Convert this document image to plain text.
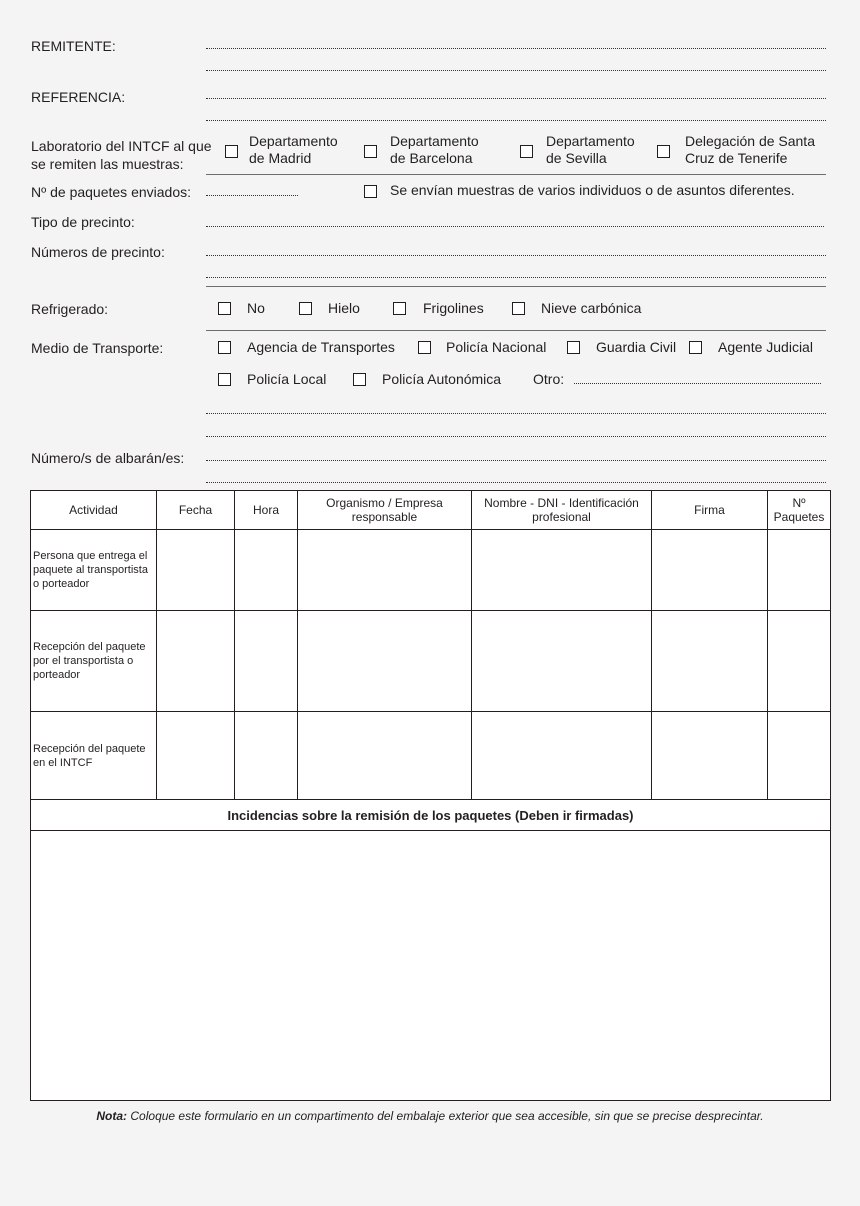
REMITENTE:
REFERENCIA:
Laboratorio del INTCF al que
se remiten las muestras:
Departamento
de Madrid
Departamento
de Barcelona
Departamento
de Sevilla
Delegación de Santa
Cruz de Tenerife
Nº de paquetes enviados:	Se envían muestras de varios individuos o de asuntos diferentes.
Tipo de precinto:
Números de precinto:
Refrigerado:	No	Hielo	Frigolines	Nieve carbónica
Medio de Transporte:	Agencia de Transportes	Policía Nacional	Guardia Civil	Agente Judicial
Policía Local	Policía Autonómica Otro:
Número/s de albarán/es:
Actividad	Fecha	Hora	Organismo / Empresa responsable	Nombre - DNI - Identificación profesional	Firma	Nº Paquetes
Persona que entrega el paquete al transportista o porteador						
Recepción del paquete por el transportista o porteador						
Recepción del paquete en el INTCF						
Incidencias sobre la remisión de los paquetes (Deben ir firmadas)						

Nota: Coloque este formulario en un compartimento del embalaje exterior que sea accesible, sin que se precise desprecintar.
